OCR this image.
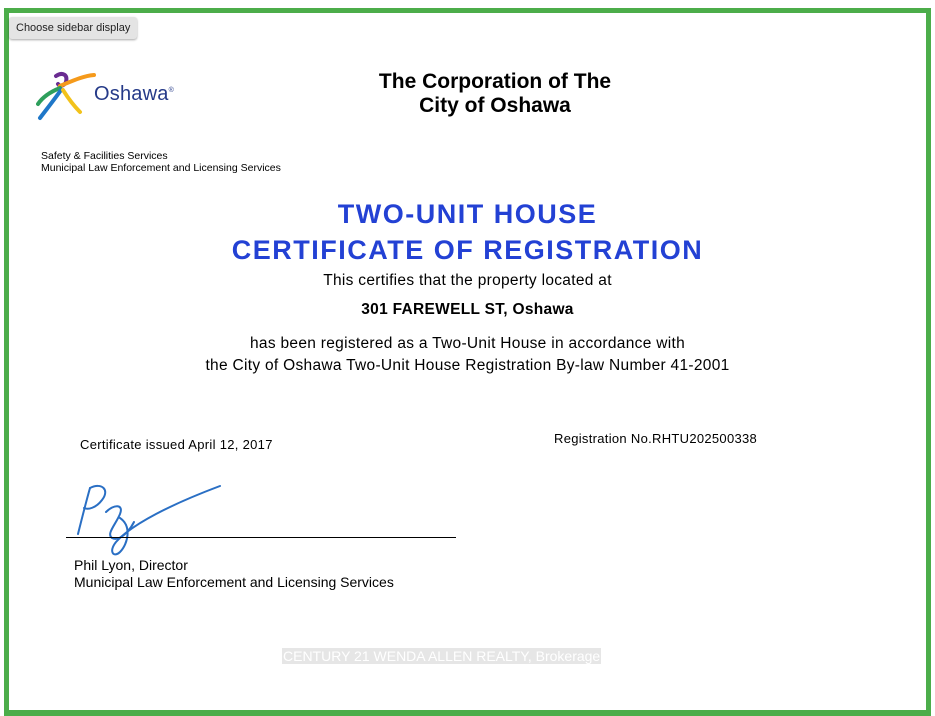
Choose sidebar display
Oshawa®	The Corporation of The
City of Oshawa
Safety & Facilities Services
Municipal Law Enforcement and Licensing Services
TWO-UNIT HOUSE
CERTIFICATE OF REGISTRATION
This certifies that the property located at
301 FAREWELL ST, Oshawa
has been registered as a Two-Unit House in accordance with
the City of Oshawa Two-Unit House Registration By-law Number 41-2001
Certificate issued April 12, 2017	Registration No.RHTU202500338
Phil Lyon, Director
Municipal Law Enforcement and Licensing Services
CENTURY 21 WENDA ALLEN REALTY, Brokerage
